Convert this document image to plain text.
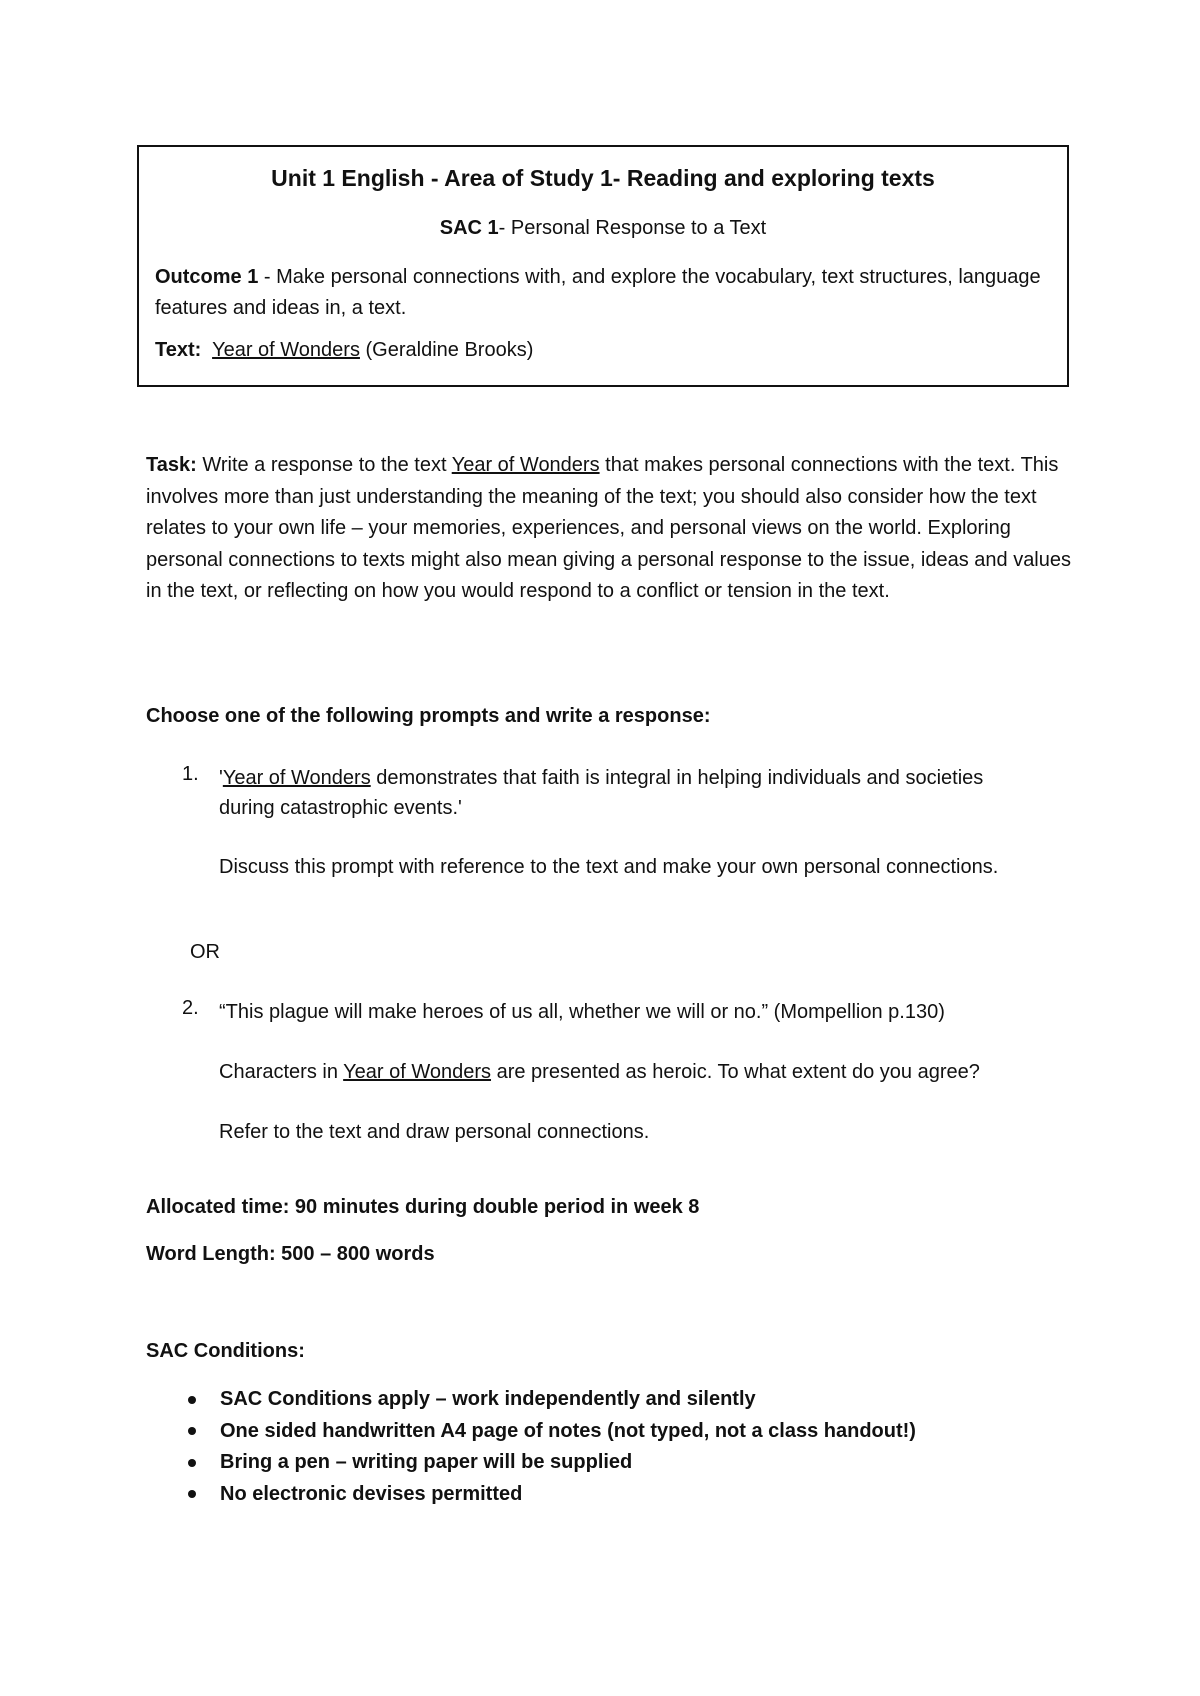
Unit 1 English - Area of Study 1- Reading and exploring texts
SAC 1- Personal Response to a Text
Outcome 1 - Make personal connections with, and explore the vocabulary, text structures, language features and ideas in, a text.
Text: Year of Wonders (Geraldine Brooks)
Task: Write a response to the text Year of Wonders that makes personal connections with the text. This involves more than just understanding the meaning of the text; you should also consider how the text relates to your own life – your memories, experiences, and personal views on the world. Exploring personal connections to texts might also mean giving a personal response to the issue, ideas and values in the text, or reflecting on how you would respond to a conflict or tension in the text.
Choose one of the following prompts and write a response:
1. 'Year of Wonders demonstrates that faith is integral in helping individuals and societies during catastrophic events.'
Discuss this prompt with reference to the text and make your own personal connections.
OR
2. “This plague will make heroes of us all, whether we will or no.” (Mompellion p.130)
Characters in Year of Wonders are presented as heroic. To what extent do you agree?
Refer to the text and draw personal connections.
Allocated time: 90 minutes during double period in week 8
Word Length: 500 – 800 words
SAC Conditions:
SAC Conditions apply – work independently and silently
One sided handwritten A4 page of notes (not typed, not a class handout!)
Bring a pen – writing paper will be supplied
No electronic devises permitted
